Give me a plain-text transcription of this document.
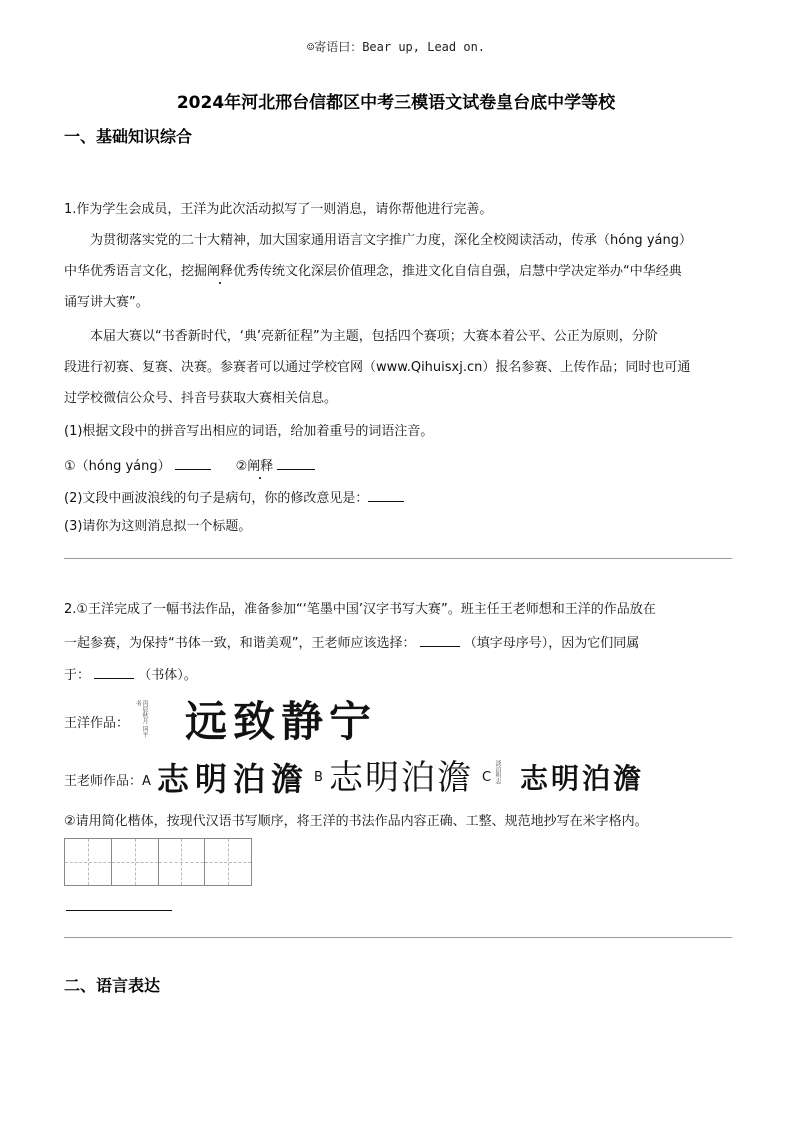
☺寄语曰：Bear up, Lead on.
2024年河北邢台信都区中考三模语文试卷皇台底中学等校
一、基础知识综合
1.作为学生会成员，王洋为此次活动拟写了一则消息，请你帮他进行完善。
为贯彻落实党的二十大精神，加大国家通用语言文字推广力度，深化全校阅读活动，传承（hóng yáng）
中华优秀语言文化，挖掘阐释优秀传统文化深层价值理念，推进文化自信自强，启慧中学决定举办“中华经典
诵写讲大赛”。
本届大赛以“书香新时代，‘典’亮新征程”为主题，包括四个赛项；大赛本着公平、公正为原则，分阶
段进行初赛、复赛、决赛。参赛者可以通过学校官网（www.Qihuisxj.cn）报名参赛、上传作品；同时也可通
过学校微信公众号、抖音号获取大赛相关信息。
(1)根据文段中的拼音写出相应的词语，给加着重号的词语注音。
①（hóng yáng）	②阐释
(2)文段中画波浪线的句子是病句，你的修改意见是：
(3)请你为这则消息拟一个标题。
2.①王洋完成了一幅书法作品，准备参加“‘笔墨中国’汉字书写大赛”。班主任王老师想和王洋的作品放在
一起参赛，为保持“书体一致，和谐美观”，王老师应该选择：	（填字母序号），因为它们同属
于：	（书体）。
王洋作品：	丙辰秋月 国平书 远致静宁
王老师作品：A 志明泊澹 B 志明泊澹 C 淡泊明志 志明泊澹
②请用简化楷体，按现代汉语书写顺序，将王洋的书法作品内容正确、工整、规范地抄写在米字格内。
二、语言表达
